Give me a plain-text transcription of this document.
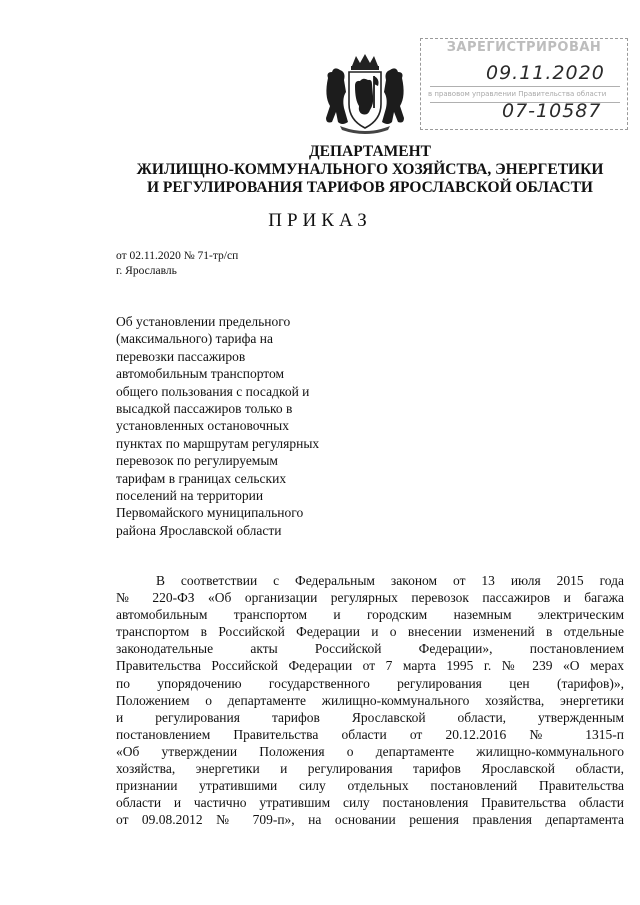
ЗАРЕГИСТРИРОВАН
09.11.2020
в правовом управлении Правительства области
07-10587
ДЕПАРТАМЕНТ
ЖИЛИЩНО-КОММУНАЛЬНОГО ХОЗЯЙСТВА, ЭНЕРГЕТИКИ
И РЕГУЛИРОВАНИЯ ТАРИФОВ ЯРОСЛАВСКОЙ ОБЛАСТИ
ПРИКАЗ
от 02.11.2020 № 71-тр/сп
г. Ярославль
Об установлении предельного
(максимального) тарифа на
перевозки пассажиров
автомобильным транспортом
общего пользования с посадкой и
высадкой пассажиров только в
установленных остановочных
пунктах по маршрутам регулярных
перевозок по регулируемым
тарифам в границах сельских
поселений на территории
Первомайского муниципального
района Ярославской области
В соответствии с Федеральным законом от 13 июля 2015 года
№ 220-ФЗ «Об организации регулярных перевозок пассажиров и багажа
автомобильным транспортом и городским наземным электрическим
транспортом в Российской Федерации и о внесении изменений в отдельные
законодательные акты Российской Федерации», постановлением
Правительства Российской Федерации от 7 марта 1995 г. № 239 «О мерах
по упорядочению государственного регулирования цен (тарифов)»,
Положением о департаменте жилищно-коммунального хозяйства, энергетики
и регулирования тарифов Ярославской области, утвержденным
постановлением Правительства области от 20.12.2016 № 1315-п
«Об утверждении Положения о департаменте жилищно-коммунального
хозяйства, энергетики и регулирования тарифов Ярославской области,
признании утратившими силу отдельных постановлений Правительства
области и частично утратившим силу постановления Правительства области
от 09.08.2012 № 709-п», на основании решения правления департамента
